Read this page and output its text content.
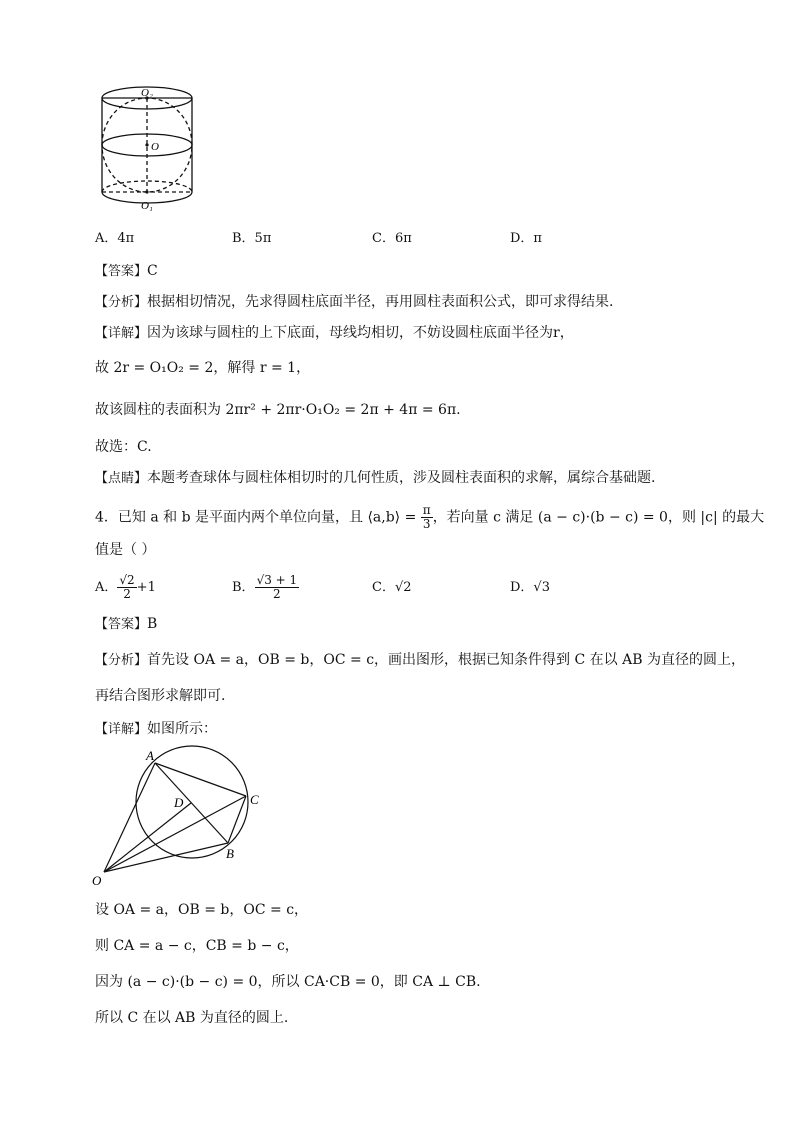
O₂
O
O₁
A．4π	B．5π	C．6π	D．π
【答案】C
【分析】根据相切情况，先求得圆柱底面半径，再用圆柱表面积公式，即可求得结果.
【详解】因为该球与圆柱的上下底面，母线均相切，不妨设圆柱底面半径为r，
故 2r = O₁O₂ = 2，解得 r = 1，
故该圆柱的表面积为 2πr² + 2πr·O₁O₂ = 2π + 4π = 6π.
故选：C.
【点睛】本题考查球体与圆柱体相切时的几何性质，涉及圆柱表面积的求解，属综合基础题.
4．已知 a 和 b 是平面内两个单位向量，且 ⟨a,b⟩ = $\frac{\pi}{3}$ ，若向量 c 满足 (a − c)·(b − c) = 0，则 |c| 的最大
值是（ ）
A． $\frac{√2}{2} +1$	B． $\frac{√3 + 1}{2}$	C．√2	D．√3
【答案】B
【分析】首先设 OA = a，OB = b，OC = c，画出图形，根据已知条件得到 C 在以 AB 为直径的圆上，
再结合图形求解即可.
【详解】如图所示：
A
B
C
D
O
设 OA = a，OB = b，OC = c，
则 CA = a − c，CB = b − c，
因为 (a − c)·(b − c) = 0，所以 CA·CB = 0，即 CA ⊥ CB.
所以 C 在以 AB 为直径的圆上.
